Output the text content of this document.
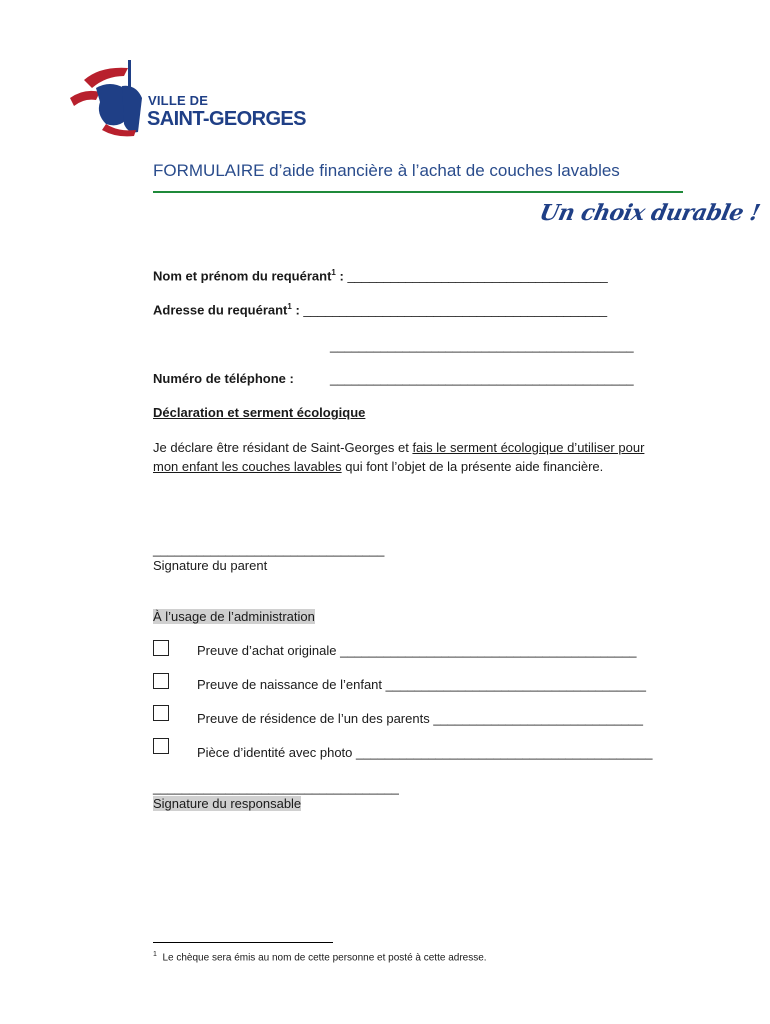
VILLE DE
SAINT-GEORGES
FORMULAIRE d’aide financière à l’achat de couches lavables
Un choix durable !
Nom et prénom du requérant$^1$ : ____________________________________
Adresse du requérant$^1$ : __________________________________________
__________________________________________
Numéro de téléphone :	__________________________________________
Déclaration et serment écologique
Je déclare être résidant de Saint-Georges et fais le serment écologique d’utiliser pour
mon enfant les couches lavables qui font l’objet de la présente aide financière.
________________________________
Signature du parent
À l’usage de l’administration
Preuve d’achat originale _________________________________________
Preuve de naissance de l’enfant ____________________________________
Preuve de résidence de l’un des parents _____________________________
Pièce d’identité avec photo _________________________________________
__________________________________
Signature du responsable
$^1$ Le chèque sera émis au nom de cette personne et posté à cette adresse.
